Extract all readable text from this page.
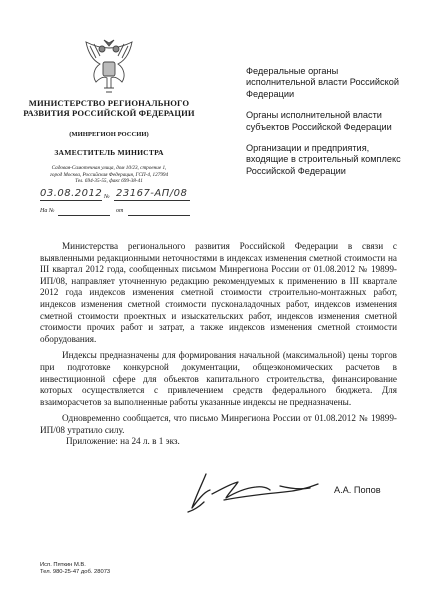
МИНИСТЕРСТВО РЕГИОНАЛЬНОГО РАЗВИТИЯ РОССИЙСКОЙ ФЕДЕРАЦИИ
(МИНРЕГИОН РОССИИ)
ЗАМЕСТИТЕЛЬ МИНИСТРА
Садовая-Самотечная улица, дом 10/23, строение 1,
город Москва, Российская Федерация, ГСП-4, 127994
Тел. 694-35-55, факс 699-38-41
03.08.2012 № 23167-АП/08
На №	от

Федеральные органы исполнительной власти Российской Федерации

Органы исполнительной власти субъектов Российской Федерации

Организации и предприятия, входящие в строительный комплекс Российской Федерации

Министерства регионального развития Российской Федерации в связи с выявленными редакционными неточностями в индексах изменения сметной стоимости на III квартал 2012 года, сообщенных письмом Минрегиона России от 01.08.2012 № 19899-ИП/08, направляет уточненную редакцию рекомендуемых к применению в III квартале 2012 года индексов изменения сметной стоимости строительно-монтажных работ, индексов изменения сметной стоимости пусконаладочных работ, индексов изменения сметной стоимости проектных и изыскательских работ, индексов изменения сметной стоимости прочих работ и затрат, а также индексов изменения сметной стоимости оборудования.

Индексы предназначены для формирования начальной (максимальной) цены торгов при подготовке конкурсной документации, общеэкономических расчетов в инвестиционной сфере для объектов капитального строительства, финансирование которых осуществляется с привлечением средств федерального бюджета. Для взаиморасчетов за выполненные работы указанные индексы не предназначены.

Одновременно сообщается, что письмо Минрегиона России от 01.08.2012 № 19899-ИП/08 утратило силу.

Приложение: на 24 л. в 1 экз.
А.А. Попов
Исп. Пяткин М.В.
Тел. 980-25-47 доб. 28073
